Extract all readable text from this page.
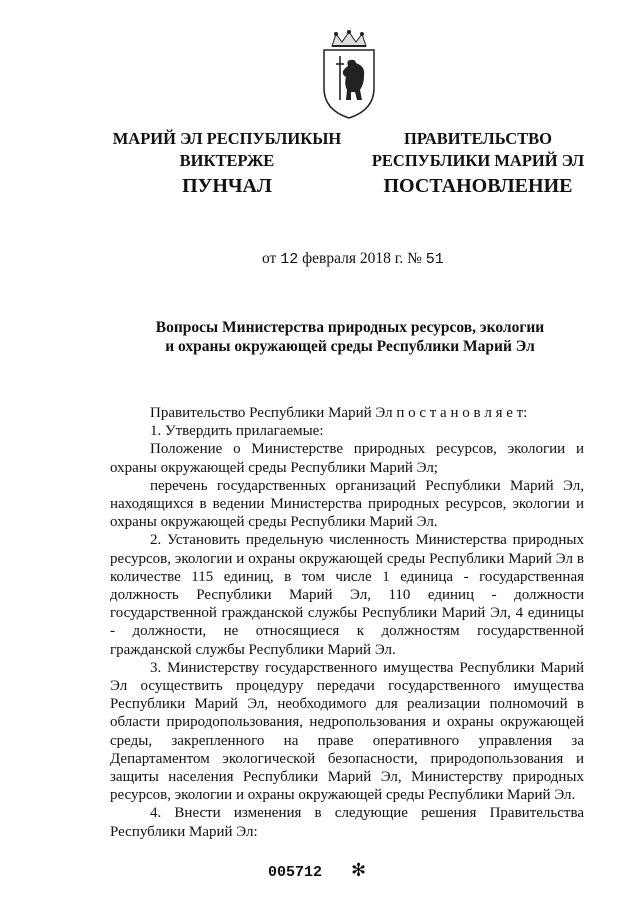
МАРИЙ ЭЛ РЕСПУБЛИКЫН
ВИКТЕРЖЕ
ПРАВИТЕЛЬСТВО
РЕСПУБЛИКИ МАРИЙ ЭЛ
ПУНЧАЛ	ПОСТАНОВЛЕНИЕ
от 12 февраля 2018 г. № 51
Вопросы Министерства природных ресурсов, экологии
и охраны окружающей среды Республики Марий Эл

Правительство Республики Марий Эл п о с т а н о в л я е т:

1. Утвердить прилагаемые:

Положение о Министерстве природных ресурсов, экологии и охраны окружающей среды Республики Марий Эл;

перечень государственных организаций Республики Марий Эл, находящихся в ведении Министерства природных ресурсов, экологии и охраны окружающей среды Республики Марий Эл.

2. Установить предельную численность Министерства природных ресурсов, экологии и охраны окружающей среды Республики Марий Эл в количестве 115 единиц, в том числе 1 единица - государственная должность Республики Марий Эл, 110 единиц - должности государственной гражданской службы Республики Марий Эл, 4 единицы - должности, не относящиеся к должностям государственной гражданской службы Республики Марий Эл.

3. Министерству государственного имущества Республики Марий Эл осуществить процедуру передачи государственного имущества Республики Марий Эл, необходимого для реализации полномочий в области природопользования, недропользования и охраны окружающей среды, закрепленного на праве оперативного управления за Департаментом экологической безопасности, природопользования и защиты населения Республики Марий Эл, Министерству природных ресурсов, экологии и охраны окружающей среды Республики Марий Эл.

4. Внести изменения в следующие решения Правительства Республики Марий Эл:

005712 ✻
